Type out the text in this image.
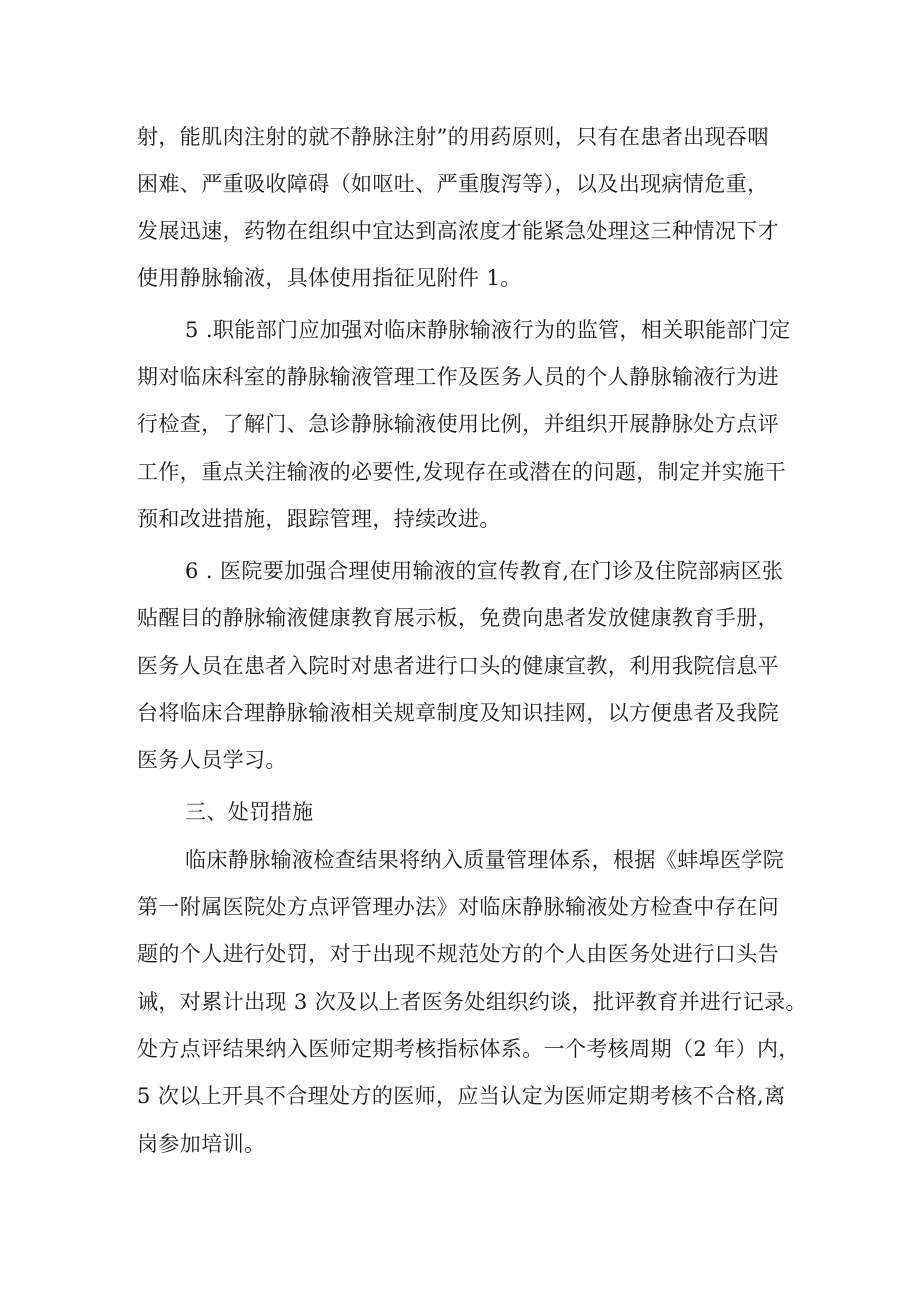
射，能肌肉注射的就不静脉注射”的用药原则，只有在患者出现吞咽
困难、严重吸收障碍（如呕吐、严重腹泻等），以及出现病情危重，
发展迅速，药物在组织中宜达到高浓度才能紧急处理这三种情况下才
使用静脉输液，具体使用指征见附件 1。
5 .职能部门应加强对临床静脉输液行为的监管，相关职能部门定
期对临床科室的静脉输液管理工作及医务人员的个人静脉输液行为进
行检查，了解门、急诊静脉输液使用比例，并组织开展静脉处方点评
工作，重点关注输液的必要性,发现存在或潜在的问题，制定并实施干
预和改进措施，跟踪管理，持续改进。
6 . 医院要加强合理使用输液的宣传教育,在门诊及住院部病区张
贴醒目的静脉输液健康教育展示板，免费向患者发放健康教育手册，
医务人员在患者入院时对患者进行口头的健康宣教，利用我院信息平
台将临床合理静脉输液相关规章制度及知识挂网，以方便患者及我院
医务人员学习。
三、处罚措施
临床静脉输液检查结果将纳入质量管理体系，根据《蚌埠医学院
第一附属医院处方点评管理办法》对临床静脉输液处方检查中存在问
题的个人进行处罚，对于出现不规范处方的个人由医务处进行口头告
诫，对累计出现 3 次及以上者医务处组织约谈，批评教育并进行记录。
处方点评结果纳入医师定期考核指标体系。一个考核周期（2 年）内，
5 次以上开具不合理处方的医师，应当认定为医师定期考核不合格,离
岗参加培训。
